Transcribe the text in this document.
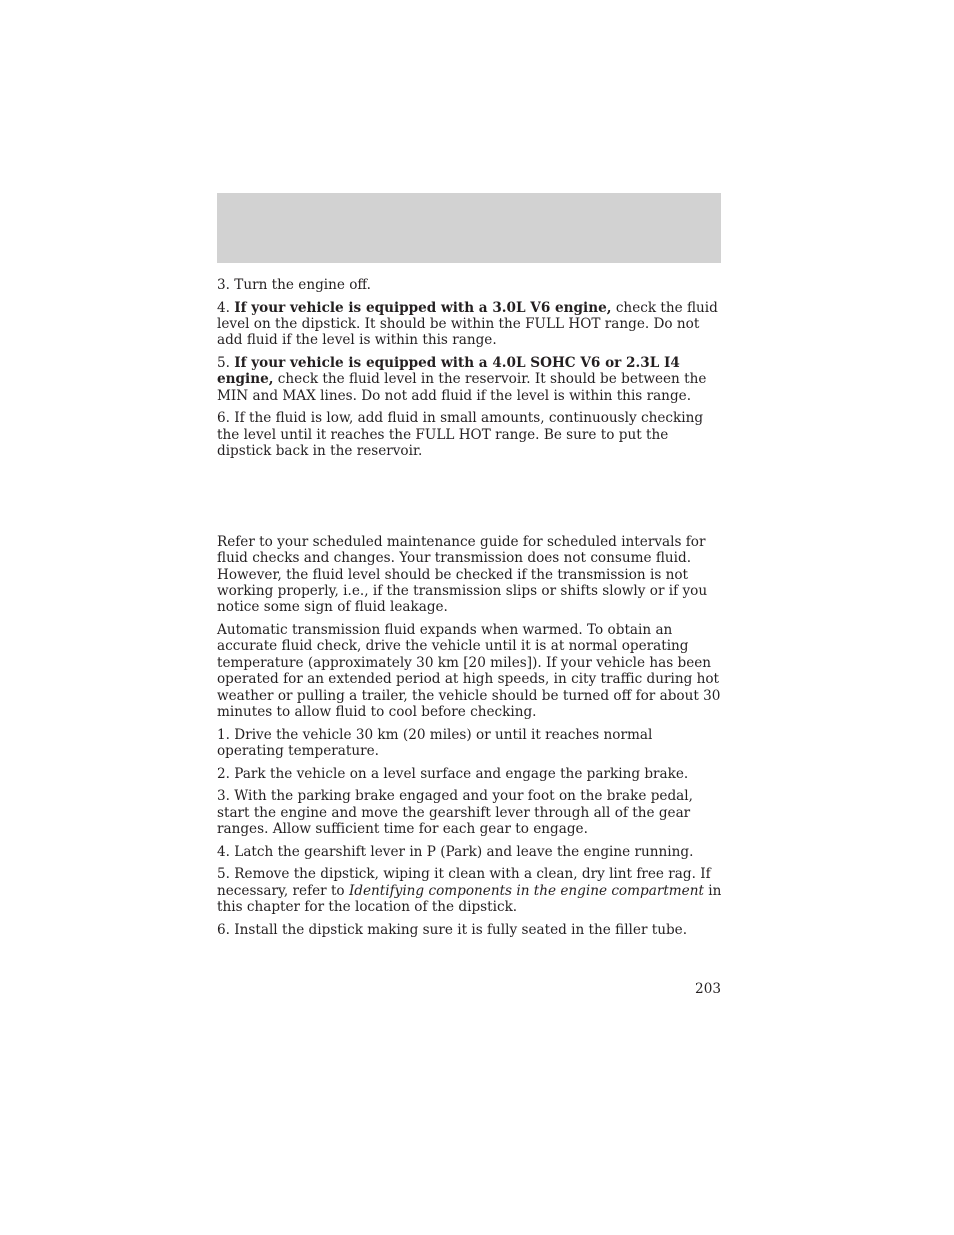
3. Turn the engine off.

4. If your vehicle is equipped with a 3.0L V6 engine, check the fluid level on the dipstick. It should be within the FULL HOT range. Do not add fluid if the level is within this range.

5. If your vehicle is equipped with a 4.0L SOHC V6 or 2.3L I4 engine, check the fluid level in the reservoir. It should be between the MIN and MAX lines. Do not add fluid if the level is within this range.

6. If the fluid is low, add fluid in small amounts, continuously checking the level until it reaches the FULL HOT range. Be sure to put the dipstick back in the reservoir.

Refer to your scheduled maintenance guide for scheduled intervals for fluid checks and changes. Your transmission does not consume fluid. However, the fluid level should be checked if the transmission is not working properly, i.e., if the transmission slips or shifts slowly or if you notice some sign of fluid leakage.

Automatic transmission fluid expands when warmed. To obtain an accurate fluid check, drive the vehicle until it is at normal operating temperature (approximately 30 km [20 miles]). If your vehicle has been operated for an extended period at high speeds, in city traffic during hot weather or pulling a trailer, the vehicle should be turned off for about 30 minutes to allow fluid to cool before checking.

1. Drive the vehicle 30 km (20 miles) or until it reaches normal operating temperature.

2. Park the vehicle on a level surface and engage the parking brake.

3. With the parking brake engaged and your foot on the brake pedal, start the engine and move the gearshift lever through all of the gear ranges. Allow sufficient time for each gear to engage.

4. Latch the gearshift lever in P (Park) and leave the engine running.

5. Remove the dipstick, wiping it clean with a clean, dry lint free rag. If necessary, refer to Identifying components in the engine compartment in this chapter for the location of the dipstick.

6. Install the dipstick making sure it is fully seated in the filler tube.

203
